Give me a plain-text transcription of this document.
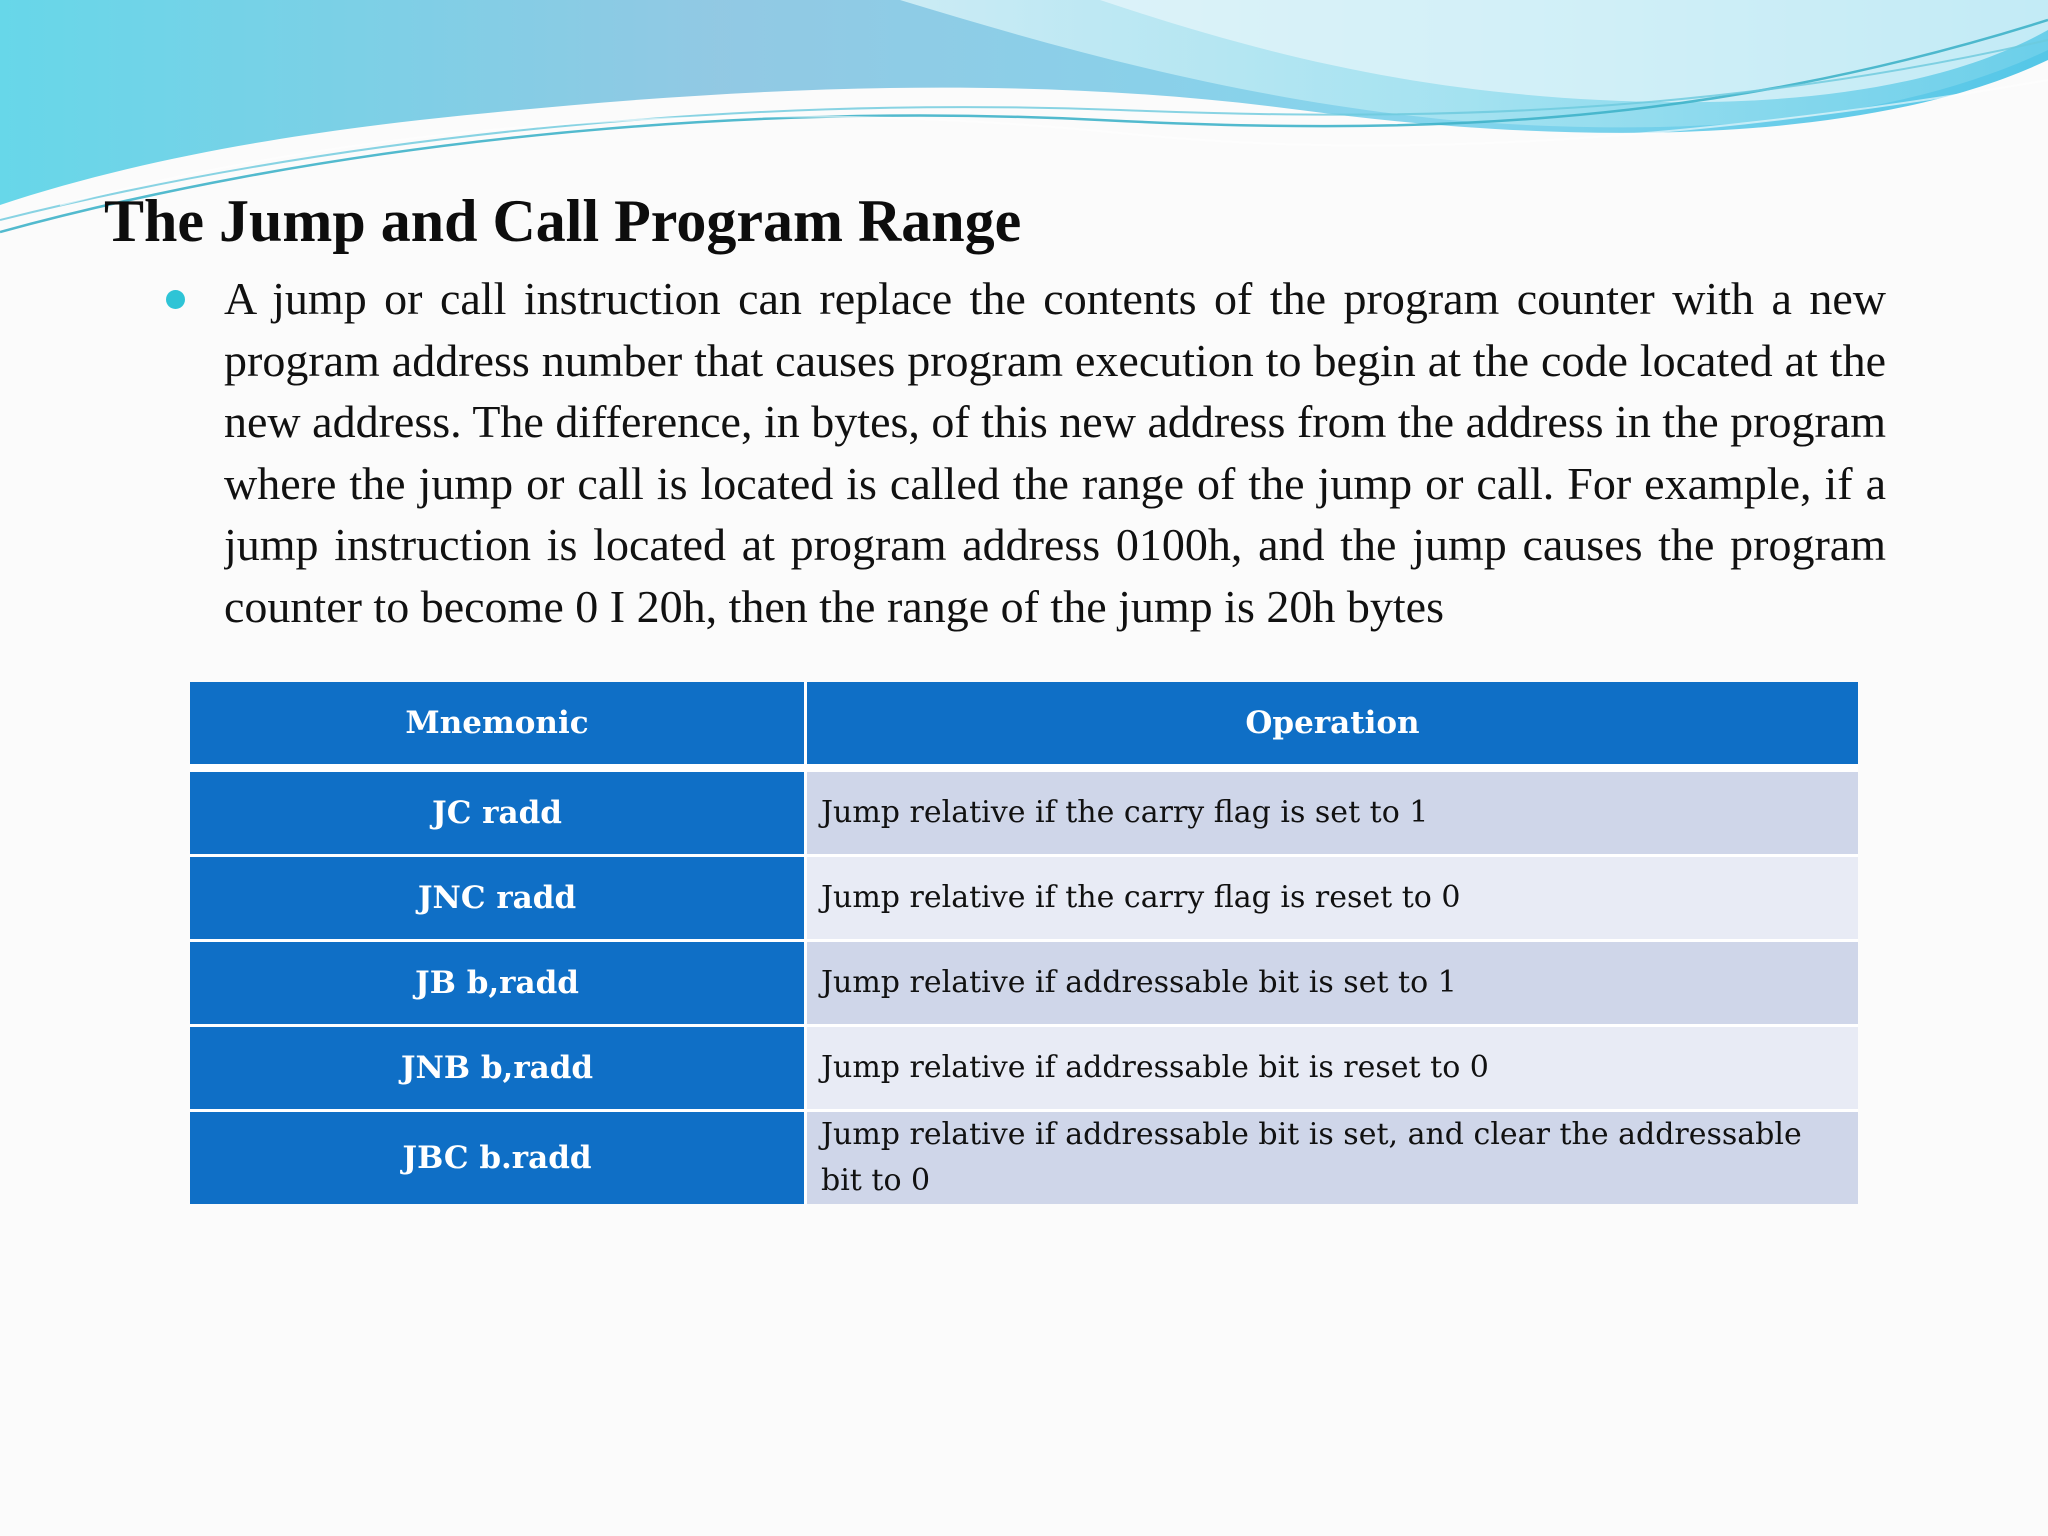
The Jump and Call Program Range

A jump or call instruction can replace the contents of the program counter with a new program address number that causes program execution to begin at the code located at the new address. The difference, in bytes, of this new address from the address in the program where the jump or call is located is called the range of the jump or call. For example, if a jump instruction is located at program address 0100h, and the jump causes the program counter to become 0 I 20h, then the range of the jump is 20h bytes

Mnemonic	Operation
JC radd	Jump relative if the carry flag is set to 1
JNC radd	Jump relative if the carry flag is reset to 0
JB b,radd	Jump relative if addressable bit is set to 1
JNB b,radd	Jump relative if addressable bit is reset to 0
JBC b.radd	Jump relative if addressable bit is set, and clear the addressable bit to 0
